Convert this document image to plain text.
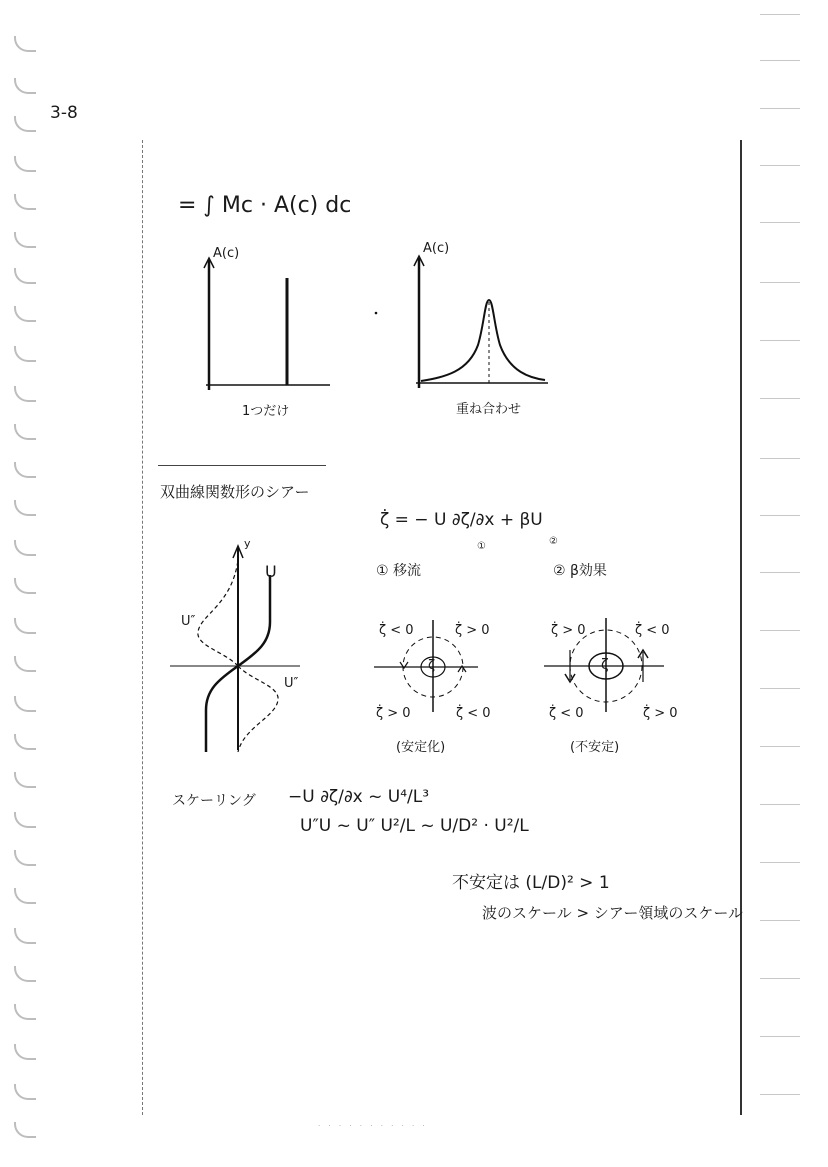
3-8
= ∫ Mc · A(c) dc
A(c)
1つだけ
A(c)
重ね合わせ
双曲線関数形のシアー
ζ̇ = − U ∂ζ/∂x + βU
①	②
① 移流	② β効果
y
U
U″
U″
ζ̇ < 0	ζ̇ > 0
ζ̇ > 0	ζ̇ < 0
ζ
(安定化)
ζ̇ > 0	ζ̇ < 0
ζ̇ < 0	ζ̇ > 0
ζ
(不安定)
スケーリング −U ∂ζ/∂x ~ U⁴/L³
U″U ~ U″ U²/L ~ U/D² · U²/L
不安定は (L/D)² > 1
波のスケール > シアー領域のスケール
· · · · · · · · · · ·
